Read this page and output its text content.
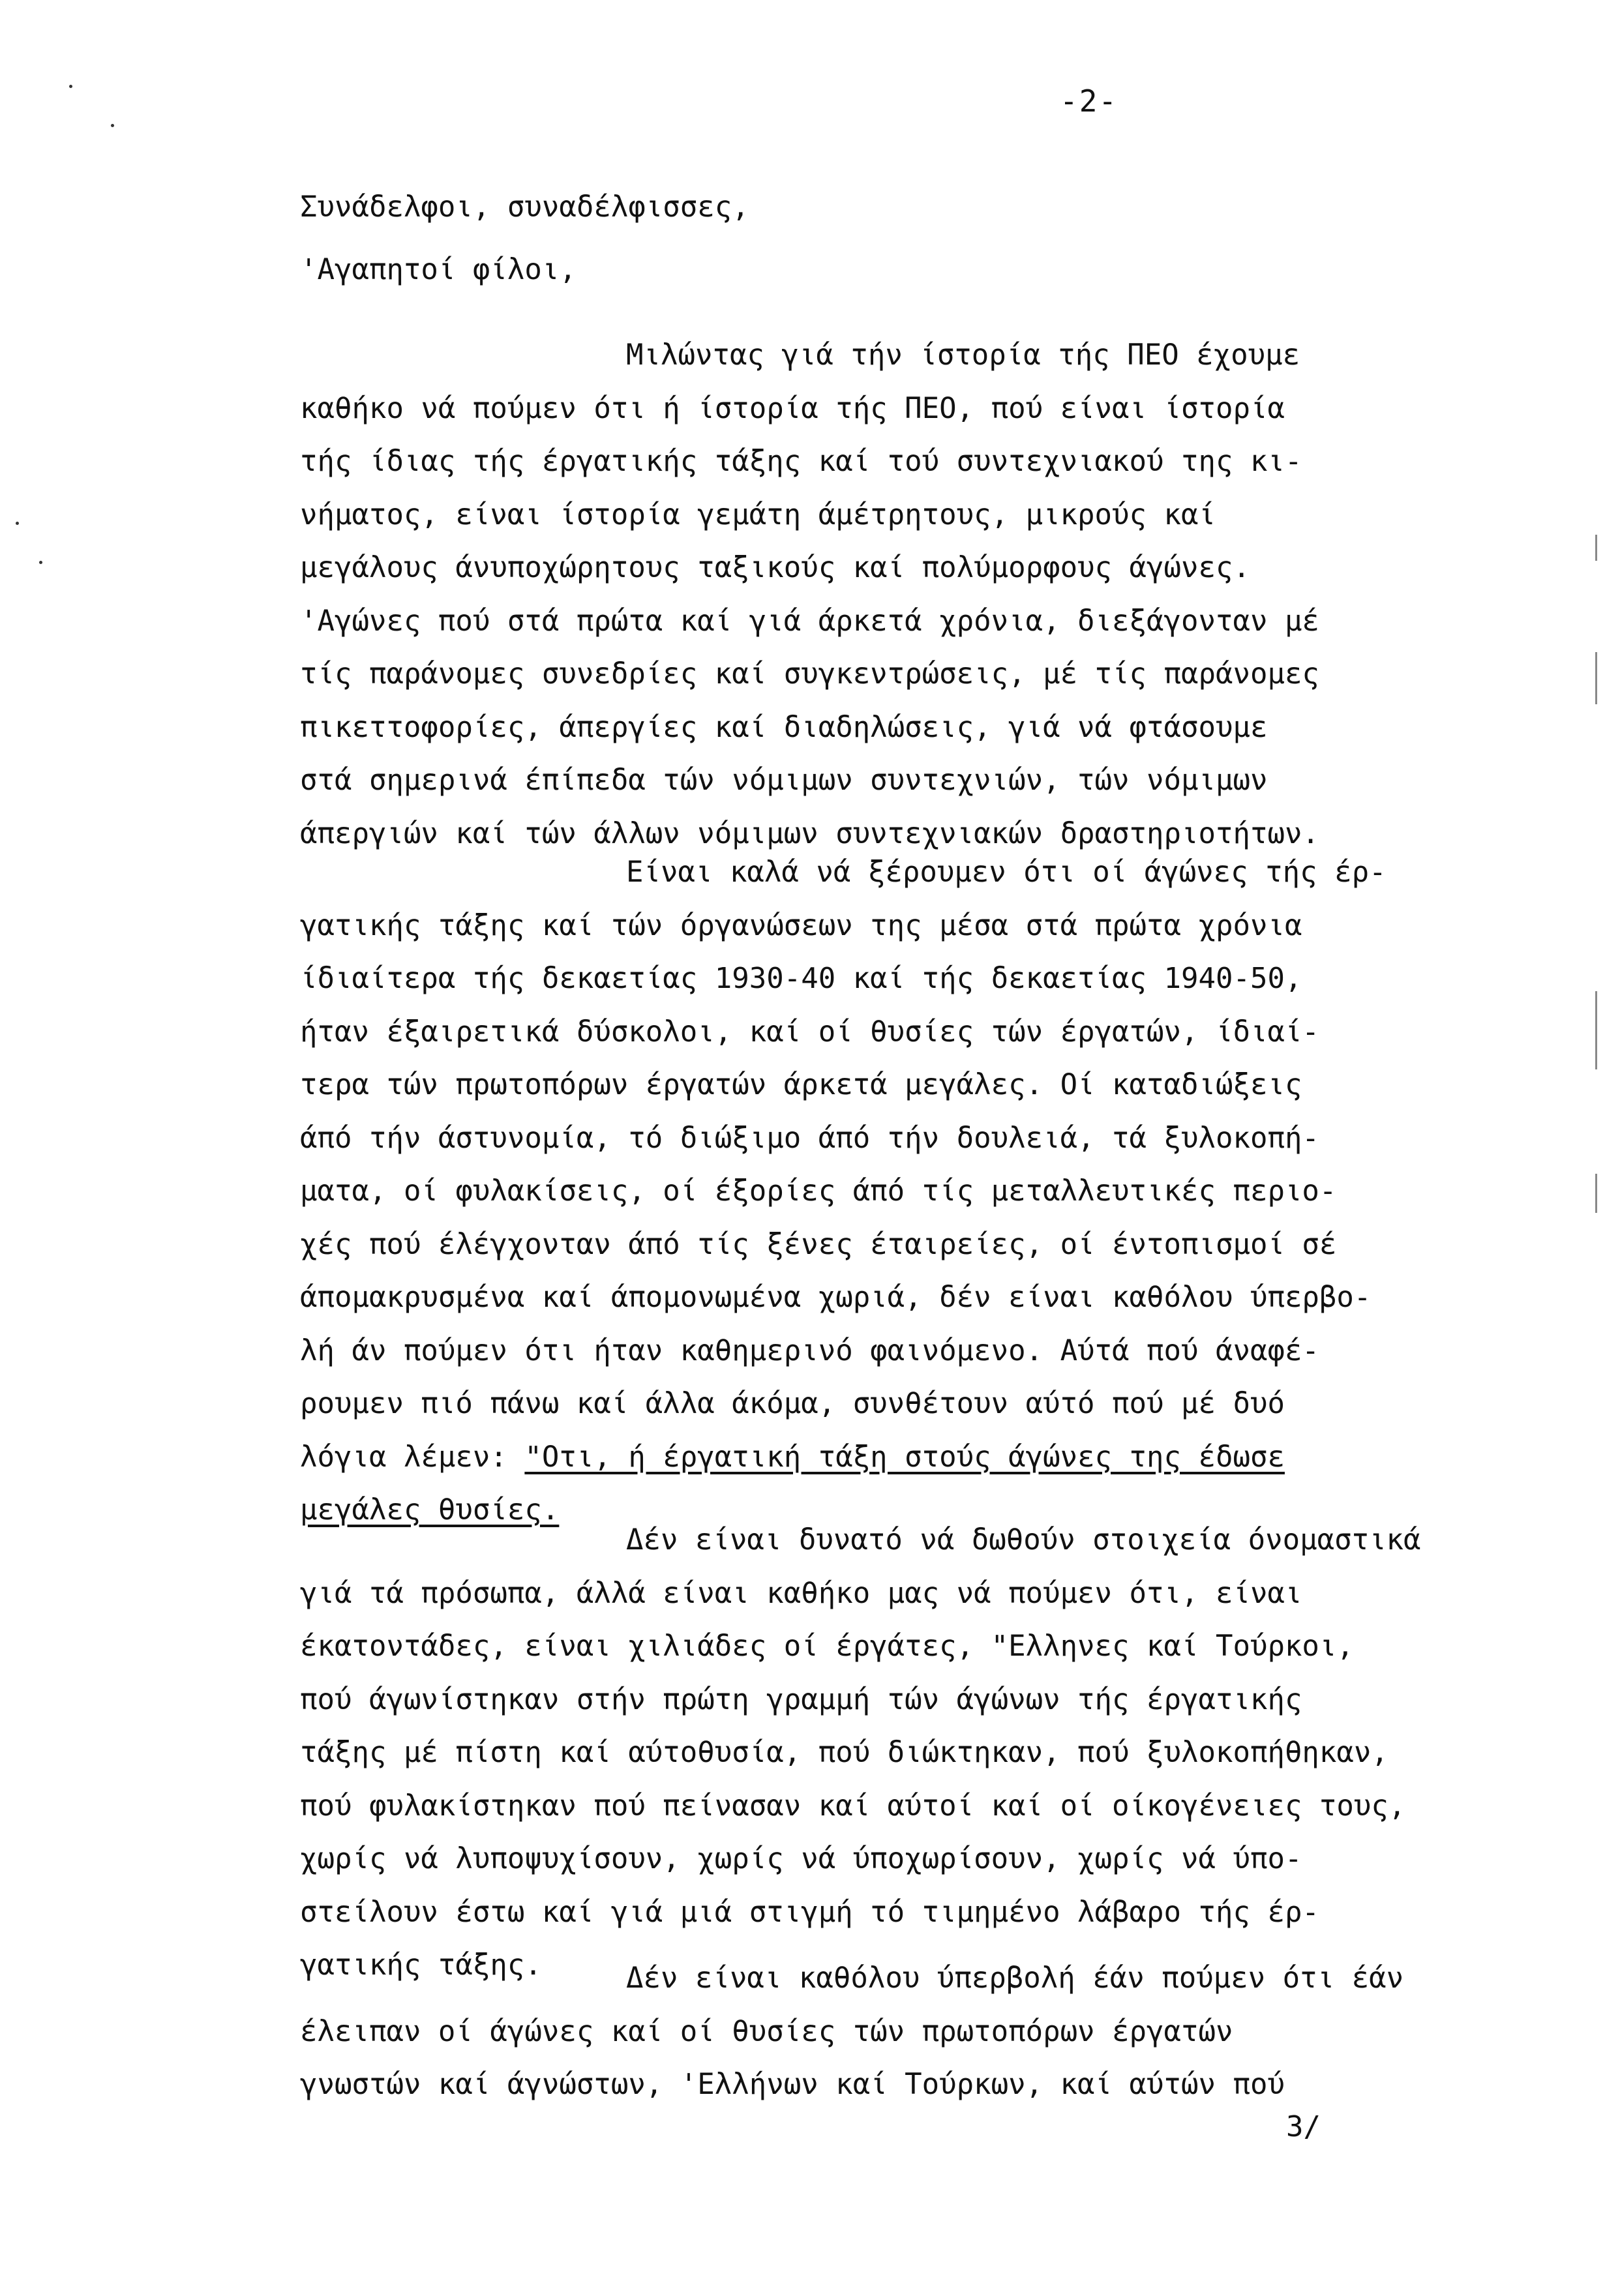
-2-
Συνάδελφοι, συναδέλφισσες,
'Αγαπητοί φίλοι,
Μιλώντας γιά τήν ίστορία τής ΠΕΟ έχουμε
καθήκο νά πούμεν ότι ή ίστορία τής ΠΕΟ, πού είναι ίστορία
τής ίδιας τής έργατικής τάξης καί τού συντεχνιακού της κι-
νήματος, είναι ίστορία γεμάτη άμέτρητους, μικρούς καί
μεγάλους άνυποχώρητους ταξικούς καί πολύμορφους άγώνες.
'Αγώνες πού στά πρώτα καί γιά άρκετά χρόνια, διεξάγονταν μέ
τίς παράνομες συνεδρίες καί συγκεντρώσεις, μέ τίς παράνομες
πικεττοφορίες, άπεργίες καί διαδηλώσεις, γιά νά φτάσουμε
στά σημερινά έπίπεδα τών νόμιμων συντεχνιών, τών νόμιμων
άπεργιών καί τών άλλων νόμιμων συντεχνιακών δραστηριοτήτων.
Είναι καλά νά ξέρουμεν ότι οί άγώνες τής έρ-
γατικής τάξης καί τών όργανώσεων της μέσα στά πρώτα χρόνια
ίδιαίτερα τής δεκαετίας 1930-40 καί τής δεκαετίας 1940-50,
ήταν έξαιρετικά δύσκολοι, καί οί θυσίες τών έργατών, ίδιαί-
τερα τών πρωτοπόρων έργατών άρκετά μεγάλες. Οί καταδιώξεις
άπό τήν άστυνομία, τό διώξιμο άπό τήν δουλειά, τά ξυλοκοπή-
ματα, οί φυλακίσεις, οί έξορίες άπό τίς μεταλλευτικές περιο-
χές πού έλέγχονταν άπό τίς ξένες έταιρείες, οί έντοπισμοί σέ
άπομακρυσμένα καί άπομονωμένα χωριά, δέν είναι καθόλου ύπερβο-
λή άν πούμεν ότι ήταν καθημερινό φαινόμενο. Αύτά πού άναφέ-
ρουμεν πιό πάνω καί άλλα άκόμα, συνθέτουν αύτό πού μέ δυό
λόγια λέμεν: "Οτι, ή έργατική τάξη στούς άγώνες της έδωσε
μεγάλες θυσίες.
Δέν είναι δυνατό νά δωθούν στοιχεία όνομαστικά
γιά τά πρόσωπα, άλλά είναι καθήκο μας νά πούμεν ότι, είναι
έκατοντάδες, είναι χιλιάδες οί έργάτες, "Ελληνες καί Τούρκοι,
πού άγωνίστηκαν στήν πρώτη γραμμή τών άγώνων τής έργατικής
τάξης μέ πίστη καί αύτοθυσία, πού διώκτηκαν, πού ξυλοκοπήθηκαν,
πού φυλακίστηκαν πού πείνασαν καί αύτοί καί οί οίκογένειες τους,
χωρίς νά λυποψυχίσουν, χωρίς νά ύποχωρίσουν, χωρίς νά ύπο-
στείλουν έστω καί γιά μιά στιγμή τό τιμημένο λάβαρο τής έρ-
γατικής τάξης.	Δέν είναι καθόλου ύπερβολή έάν πούμεν ότι έάν
έλειπαν οί άγώνες καί οί θυσίες τών πρωτοπόρων έργατών
γνωστών καί άγνώστων, 'Ελλήνων καί Τούρκων, καί αύτών πού
3/
